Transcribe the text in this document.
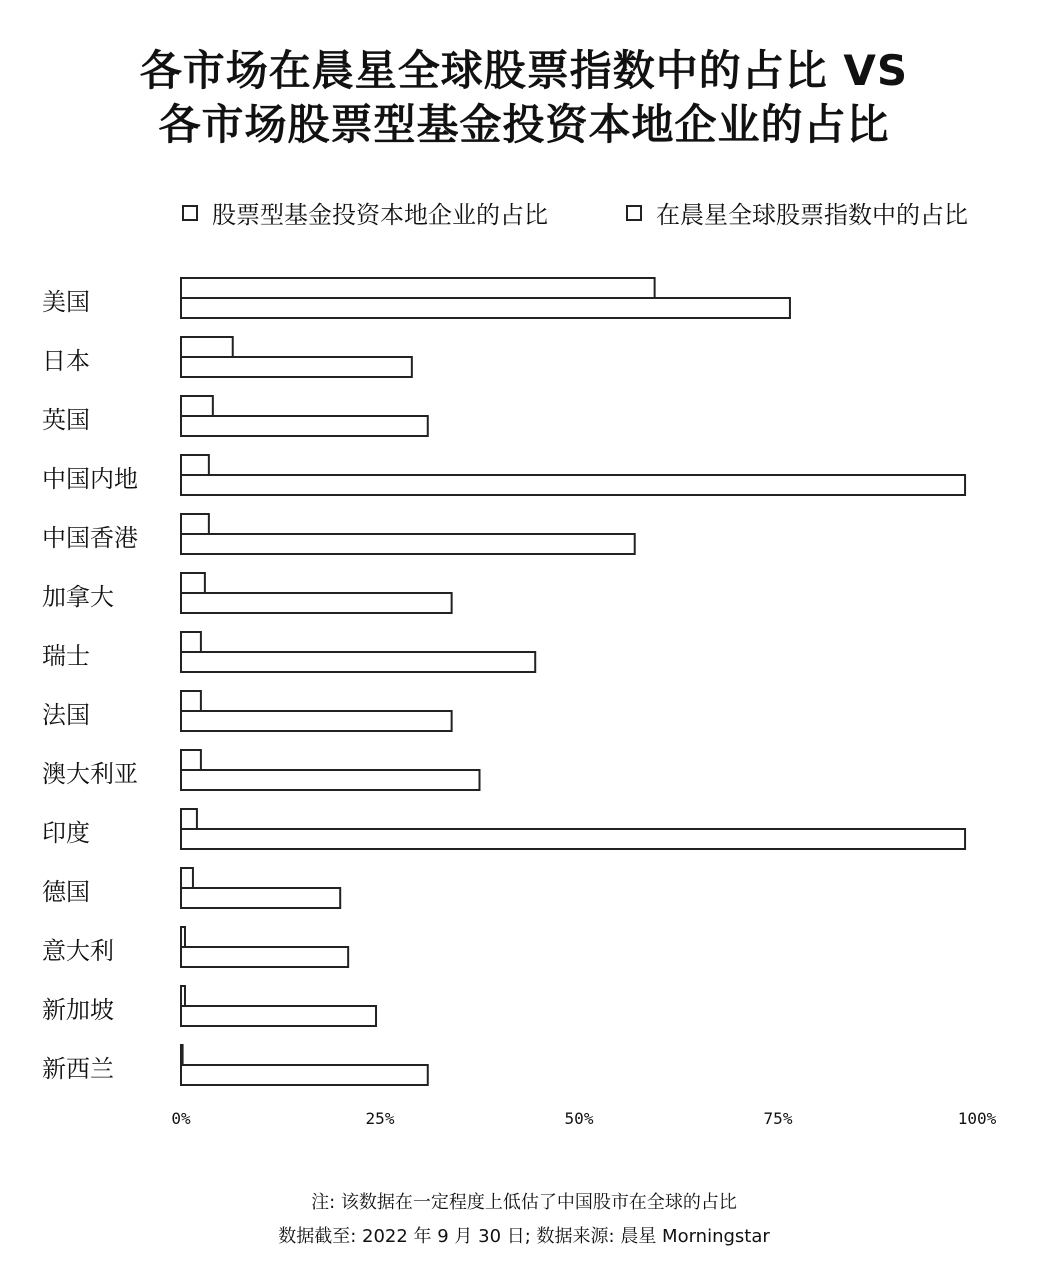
各市场在晨星全球股票指数中的占比 VS
各市场股票型基金投资本地企业的占比
股票型基金投资本地企业的占比	在晨星全球股票指数中的占比
美国
日本
英国
中国内地
中国香港
加拿大
瑞士
法国
澳大利亚
印度
德国
意大利
新加坡
新西兰
0%	25%	50%	75%	100%
注: 该数据在一定程度上低估了中国股市在全球的占比
数据截至: 2022 年 9 月 30 日; 数据来源: 晨星 Morningstar
